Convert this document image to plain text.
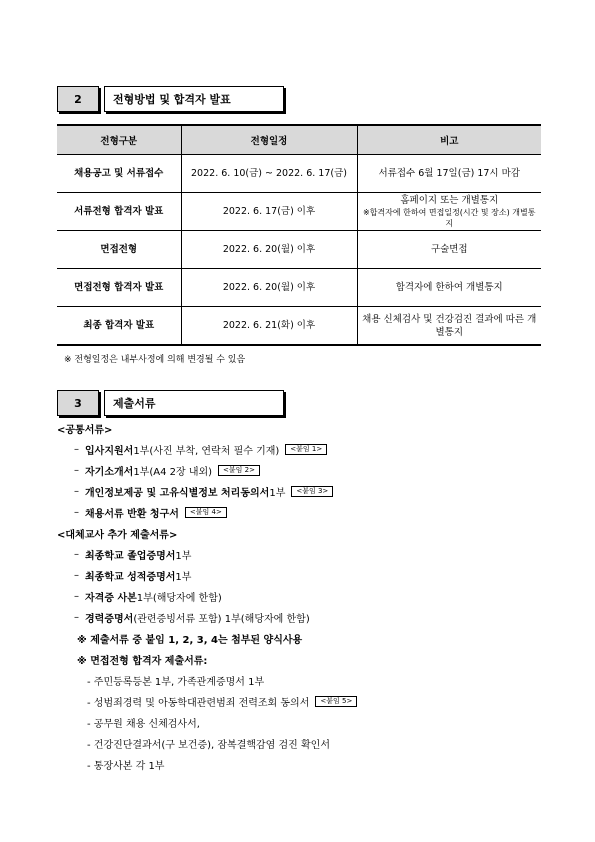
2	전형방법 및 합격자 발표
전형구분	전형일정	비고
채용공고 및 서류접수	2022. 6. 10(금) ~ 2022. 6. 17(금)	서류접수 6월 17일(금) 17시 마감
서류전형 합격자 발표	2022. 6. 17(금) 이후	홈페이지 또는 개별통지
※합격자에 한하여 면접일정(시간 및 장소) 개별통지

면접전형	2022. 6. 20(월) 이후	구술면접
면접전형 합격자 발표	2022. 6. 20(월) 이후	합격자에 한하여 개별통지
최종 합격자 발표	2022. 6. 21(화) 이후	채용 신체검사 및 건강검진 결과에 따른 개별통지
※ 전형일정은 내부사정에 의해 변경될 수 있음
3	제출서류
<공통서류>
– 입사지원서 1부(사진 부착, 연락처 필수 기재)	<붙임 1>
– 자기소개서 1부(A4 2장 내외)	<붙임 2>
– 개인정보제공 및 고유식별정보 처리동의서 1부	<붙임 3>
– 채용서류 반환 청구서	<붙임 4>
<대체교사 추가 제출서류>
– 최종학교 졸업증명서 1부
– 최종학교 성적증명서 1부
– 자격증 사본 1부(해당자에 한함)
– 경력증명서 (관련증빙서류 포함) 1부(해당자에 한함)
※ 제출서류 중 붙임 1, 2, 3, 4는 첨부된 양식사용
※ 면접전형 합격자 제출서류:
- 주민등록등본 1부, 가족관계증명서 1부
- 성범죄경력 및 아동학대관련범죄 전력조회 동의서	<붙임 5>
- 공무원 채용 신체검사서,
- 건강진단결과서(구 보건증), 잠복결핵감염 검진 확인서
- 통장사본 각 1부
